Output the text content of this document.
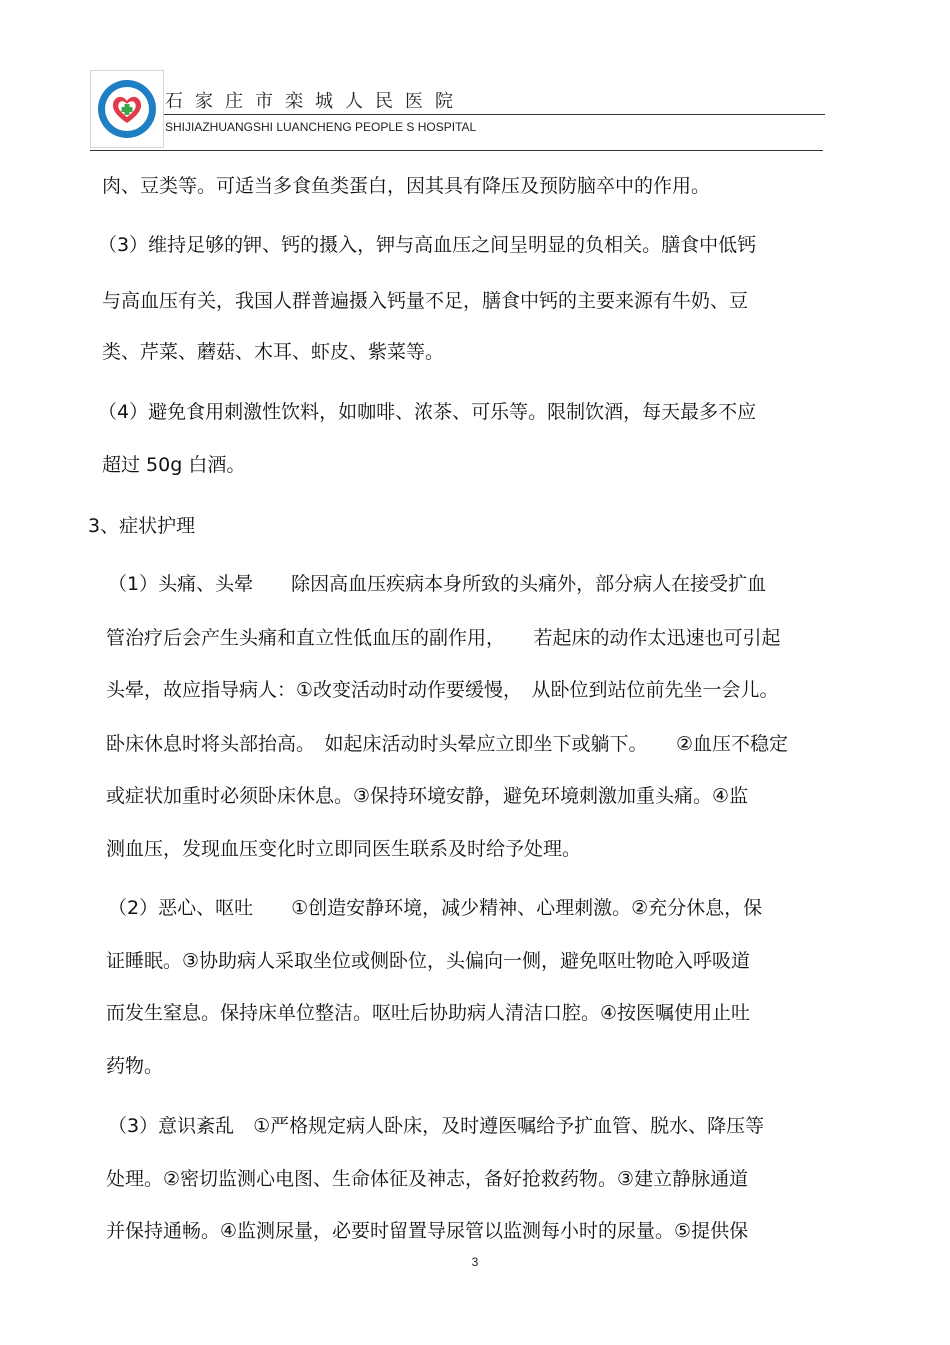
石家庄市栾城人民医院
SHIJIAZHUANGSHI LUANCHENG PEOPLE S HOSPITAL
肉、豆类等。可适当多食鱼类蛋白，因其具有降压及预防脑卒中的作用。
（3）维持足够的钾、钙的摄入，钾与高血压之间呈明显的负相关。膳食中低钙
与高血压有关，我国人群普遍摄入钙量不足，膳食中钙的主要来源有牛奶、豆
类、芹菜、蘑菇、木耳、虾皮、紫菜等。
（4）避免食用刺激性饮料，如咖啡、浓茶、可乐等。限制饮酒，每天最多不应
超过 50g 白酒。
3、症状护理
（1）头痛、头晕　　除因高血压疾病本身所致的头痛外，部分病人在接受扩血
管治疗后会产生头痛和直立性低血压的副作用，　　若起床的动作太迅速也可引起
头晕，故应指导病人：①改变活动时动作要缓慢，　从卧位到站位前先坐一会儿。
卧床休息时将头部抬高。　如起床活动时头晕应立即坐下或躺下。　　②血压不稳定
或症状加重时必须卧床休息。③保持环境安静，避免环境刺激加重头痛。④监
测血压，发现血压变化时立即同医生联系及时给予处理。
（2）恶心、呕吐　　①创造安静环境，减少精神、心理刺激。②充分休息，保
证睡眠。③协助病人采取坐位或侧卧位，头偏向一侧，避免呕吐物呛入呼吸道
而发生窒息。保持床单位整洁。呕吐后协助病人清洁口腔。④按医嘱使用止吐
药物。
（3）意识紊乱　①严格规定病人卧床，及时遵医嘱给予扩血管、脱水、降压等
处理。②密切监测心电图、生命体征及神志，备好抢救药物。③建立静脉通道
并保持通畅。④监测尿量，必要时留置导尿管以监测每小时的尿量。⑤提供保
3
